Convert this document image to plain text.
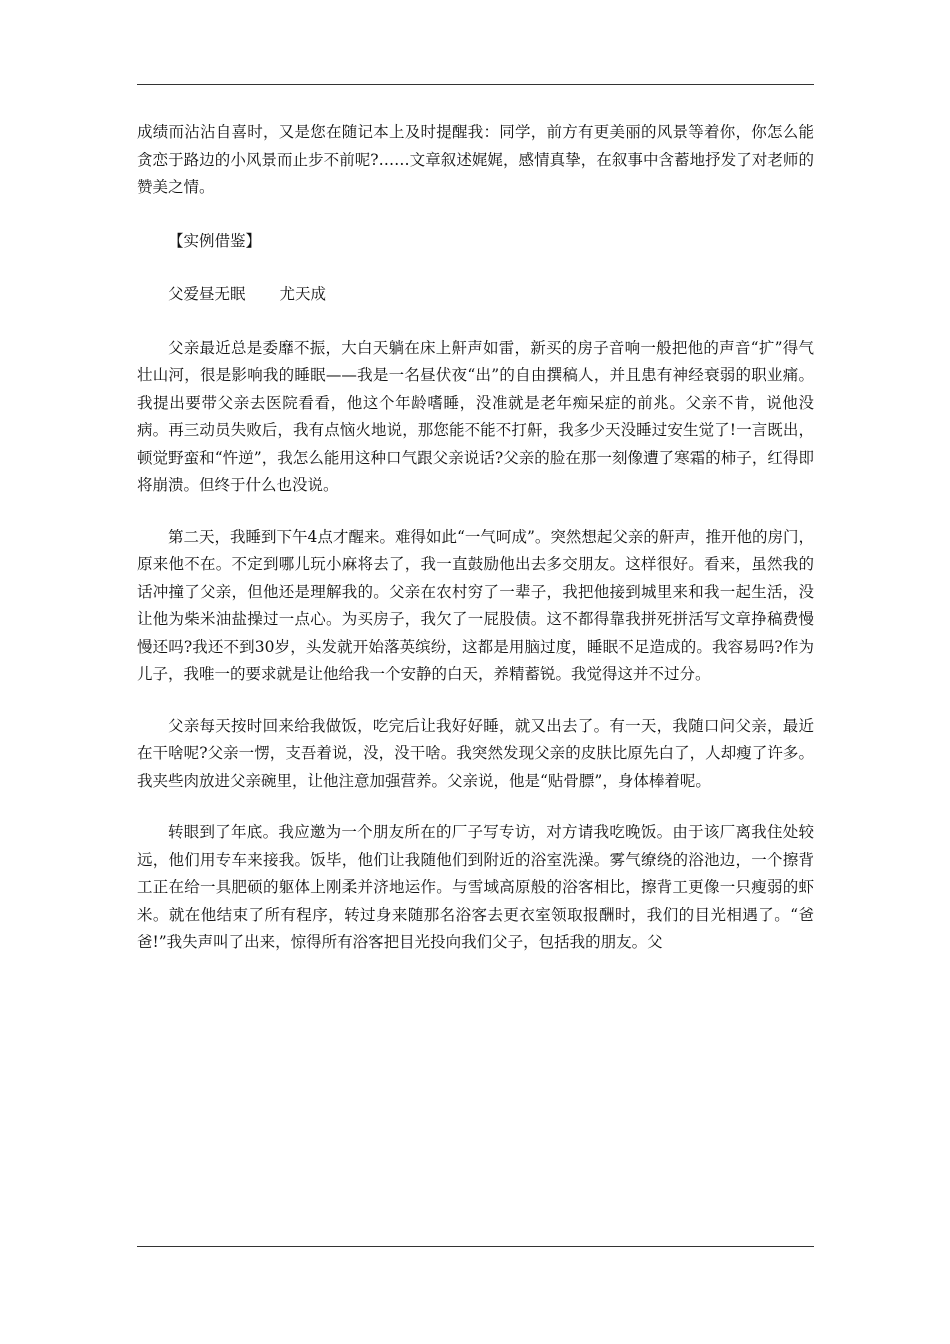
成绩而沾沾自喜时，又是您在随记本上及时提醒我：同学，前方有更美丽的风景等着你，你怎么能贪恋于路边的小风景而止步不前呢?……文章叙述娓娓，感情真挚，在叙事中含蓄地抒发了对老师的赞美之情。

【实例借鉴】

父爱昼无眠 尤天成

父亲最近总是委靡不振，大白天躺在床上鼾声如雷，新买的房子音响一般把他的声音“扩”得气壮山河，很是影响我的睡眠——我是一名昼伏夜“出”的自由撰稿人，并且患有神经衰弱的职业痛。我提出要带父亲去医院看看，他这个年龄嗜睡，没准就是老年痴呆症的前兆。父亲不肯，说他没病。再三动员失败后，我有点恼火地说，那您能不能不打鼾，我多少天没睡过安生觉了!一言既出，顿觉野蛮和“忤逆”，我怎么能用这种口气跟父亲说话?父亲的脸在那一刻像遭了寒霜的柿子，红得即将崩溃。但终于什么也没说。

第二天，我睡到下午4点才醒来。难得如此“一气呵成”。突然想起父亲的鼾声，推开他的房门，原来他不在。不定到哪儿玩小麻将去了，我一直鼓励他出去多交朋友。这样很好。看来，虽然我的话冲撞了父亲，但他还是理解我的。父亲在农村穷了一辈子，我把他接到城里来和我一起生活，没让他为柴米油盐操过一点心。为买房子，我欠了一屁股债。这不都得靠我拼死拼活写文章挣稿费慢慢还吗?我还不到30岁，头发就开始落英缤纷，这都是用脑过度，睡眠不足造成的。我容易吗?作为儿子，我唯一的要求就是让他给我一个安静的白天，养精蓄锐。我觉得这并不过分。

父亲每天按时回来给我做饭，吃完后让我好好睡，就又出去了。有一天，我随口问父亲，最近在干啥呢?父亲一愣，支吾着说，没，没干啥。我突然发现父亲的皮肤比原先白了，人却瘦了许多。我夹些肉放进父亲碗里，让他注意加强营养。父亲说，他是“贴骨膘”，身体棒着呢。

转眼到了年底。我应邀为一个朋友所在的厂子写专访，对方请我吃晚饭。由于该厂离我住处较远，他们用专车来接我。饭毕，他们让我随他们到附近的浴室洗澡。雾气缭绕的浴池边，一个擦背工正在给一具肥硕的躯体上刚柔并济地运作。与雪域高原般的浴客相比，擦背工更像一只瘦弱的虾米。就在他结束了所有程序，转过身来随那名浴客去更衣室领取报酬时，我们的目光相遇了。“爸爸!”我失声叫了出来，惊得所有浴客把目光投向我们父子，包括我的朋友。父
